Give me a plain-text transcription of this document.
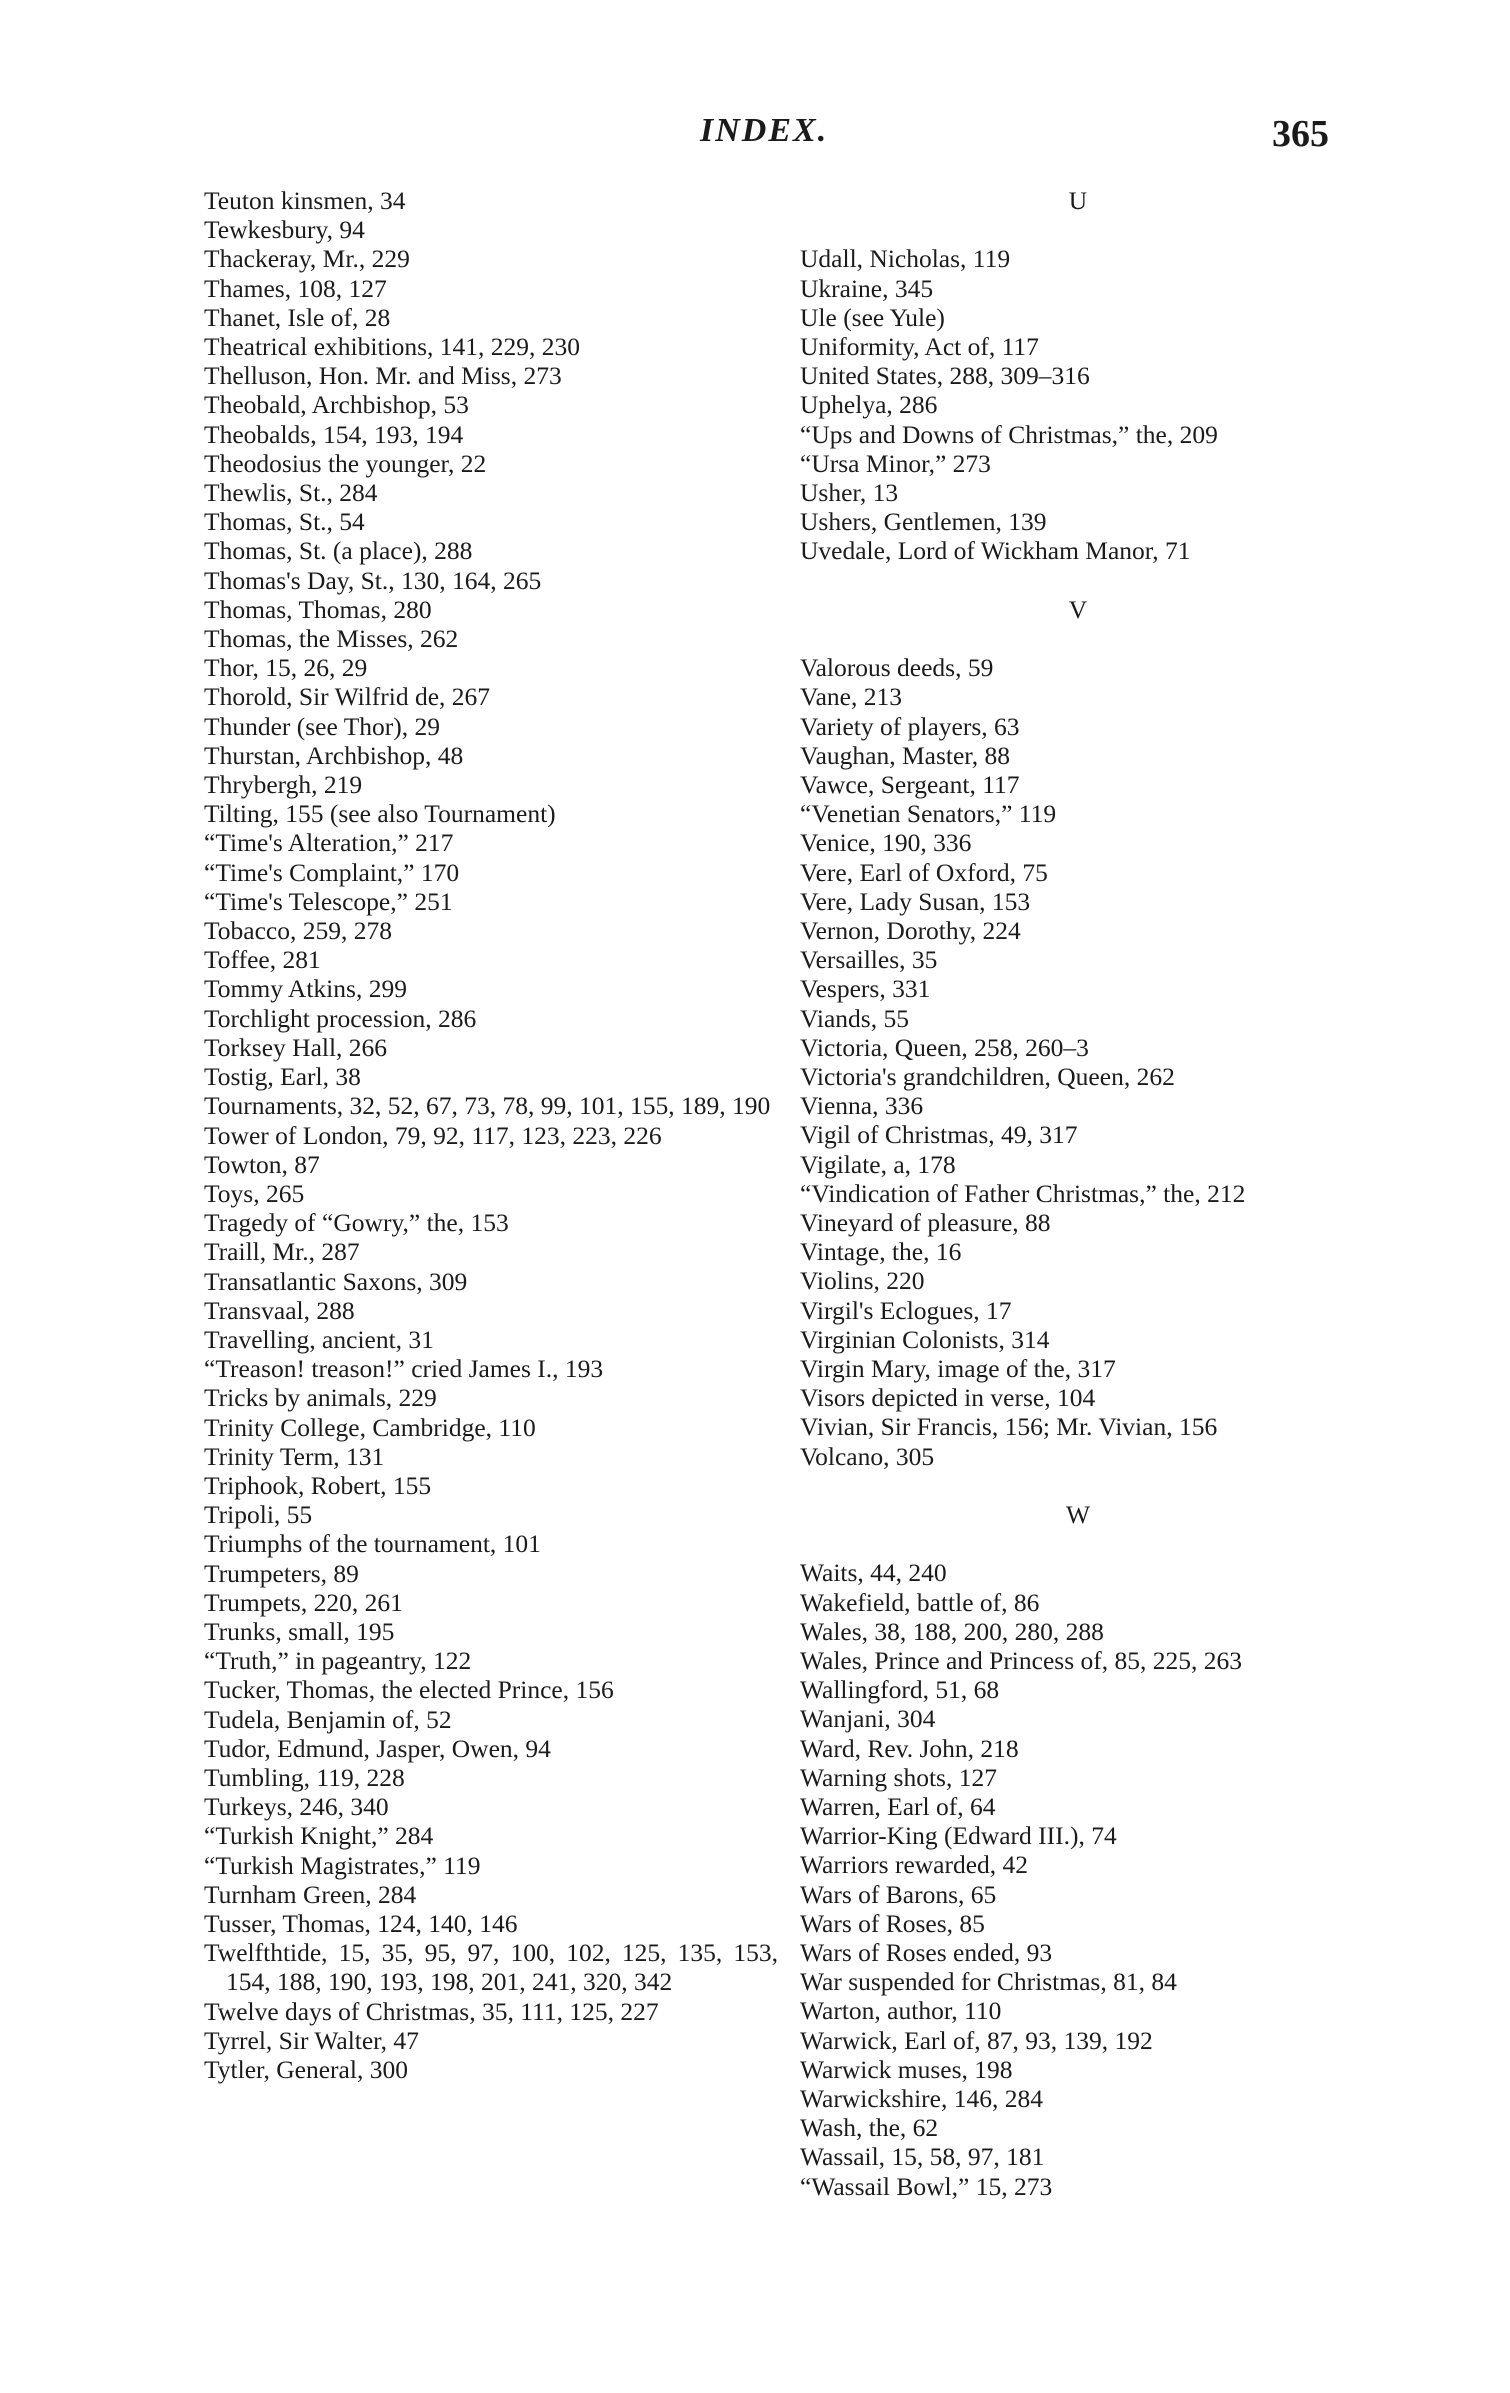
INDEX.	365
Teuton kinsmen, 34
Tewkesbury, 94
Thackeray, Mr., 229
Thames, 108, 127
Thanet, Isle of, 28
Theatrical exhibitions, 141, 229, 230
Thelluson, Hon. Mr. and Miss, 273
Theobald, Archbishop, 53
Theobalds, 154, 193, 194
Theodosius the younger, 22
Thewlis, St., 284
Thomas, St., 54
Thomas, St. (a place), 288
Thomas's Day, St., 130, 164, 265
Thomas, Thomas, 280
Thomas, the Misses, 262
Thor, 15, 26, 29
Thorold, Sir Wilfrid de, 267
Thunder (see Thor), 29
Thurstan, Archbishop, 48
Thrybergh, 219
Tilting, 155 (see also Tournament)
“Time's Alteration,” 217
“Time's Complaint,” 170
“Time's Telescope,” 251
Tobacco, 259, 278
Toffee, 281
Tommy Atkins, 299
Torchlight procession, 286
Torksey Hall, 266
Tostig, Earl, 38
Tournaments, 32, 52, 67, 73, 78, 99, 101, 155, 189, 190
Tower of London, 79, 92, 117, 123, 223, 226
Towton, 87
Toys, 265
Tragedy of “Gowry,” the, 153
Traill, Mr., 287
Transatlantic Saxons, 309
Transvaal, 288
Travelling, ancient, 31
“Treason! treason!” cried James I., 193
Tricks by animals, 229
Trinity College, Cambridge, 110
Trinity Term, 131
Triphook, Robert, 155
Tripoli, 55
Triumphs of the tournament, 101
Trumpeters, 89
Trumpets, 220, 261
Trunks, small, 195
“Truth,” in pageantry, 122
Tucker, Thomas, the elected Prince, 156
Tudela, Benjamin of, 52
Tudor, Edmund, Jasper, Owen, 94
Tumbling, 119, 228
Turkeys, 246, 340
“Turkish Knight,” 284
“Turkish Magistrates,” 119
Turnham Green, 284
Tusser, Thomas, 124, 140, 146
Twelfthtide, 15, 35, 95, 97, 100, 102, 125, 135, 153, 154, 188, 190, 193, 198, 201, 241, 320, 342
Twelve days of Christmas, 35, 111, 125, 227
Tyrrel, Sir Walter, 47
Tytler, General, 300
U
Udall, Nicholas, 119
Ukraine, 345
Ule (see Yule)
Uniformity, Act of, 117
United States, 288, 309–316
Uphelya, 286
“Ups and Downs of Christmas,” the, 209
“Ursa Minor,” 273
Usher, 13
Ushers, Gentlemen, 139
Uvedale, Lord of Wickham Manor, 71
V
Valorous deeds, 59
Vane, 213
Variety of players, 63
Vaughan, Master, 88
Vawce, Sergeant, 117
“Venetian Senators,” 119
Venice, 190, 336
Vere, Earl of Oxford, 75
Vere, Lady Susan, 153
Vernon, Dorothy, 224
Versailles, 35
Vespers, 331
Viands, 55
Victoria, Queen, 258, 260–3
Victoria's grandchildren, Queen, 262
Vienna, 336
Vigil of Christmas, 49, 317
Vigilate, a, 178
“Vindication of Father Christmas,” the, 212
Vineyard of pleasure, 88
Vintage, the, 16
Violins, 220
Virgil's Eclogues, 17
Virginian Colonists, 314
Virgin Mary, image of the, 317
Visors depicted in verse, 104
Vivian, Sir Francis, 156; Mr. Vivian, 156
Volcano, 305
W
Waits, 44, 240
Wakefield, battle of, 86
Wales, 38, 188, 200, 280, 288
Wales, Prince and Princess of, 85, 225, 263
Wallingford, 51, 68
Wanjani, 304
Ward, Rev. John, 218
Warning shots, 127
Warren, Earl of, 64
Warrior-King (Edward III.), 74
Warriors rewarded, 42
Wars of Barons, 65
Wars of Roses, 85
Wars of Roses ended, 93
War suspended for Christmas, 81, 84
Warton, author, 110
Warwick, Earl of, 87, 93, 139, 192
Warwick muses, 198
Warwickshire, 146, 284
Wash, the, 62
Wassail, 15, 58, 97, 181
“Wassail Bowl,” 15, 273
